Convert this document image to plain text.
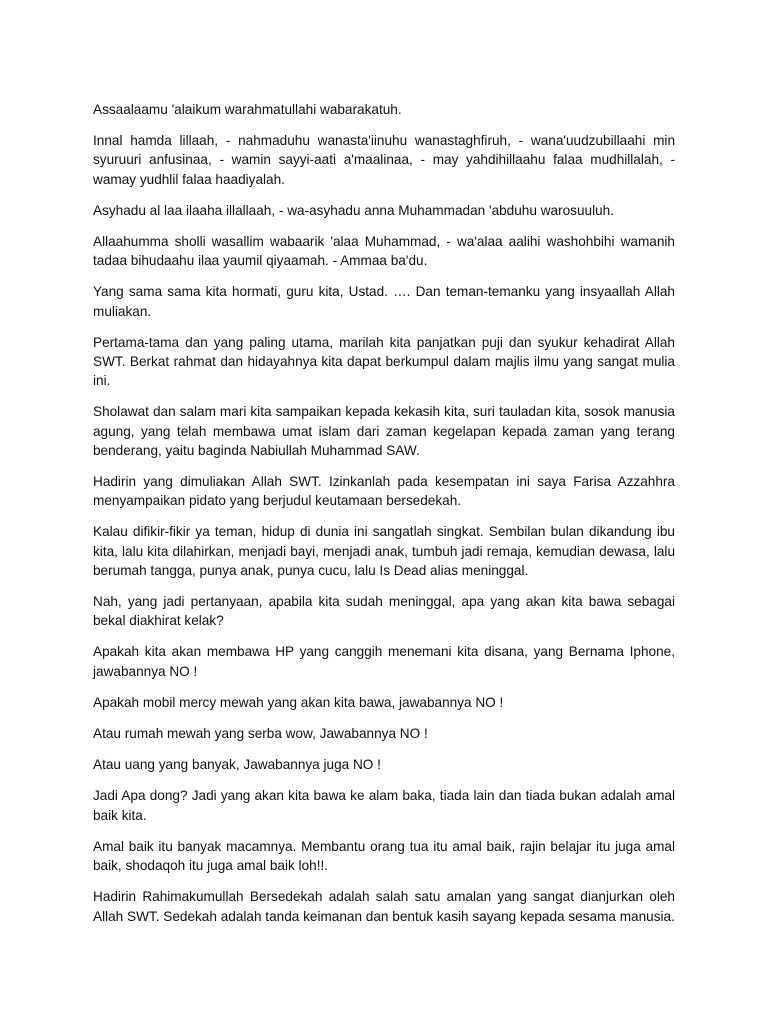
Assaalaamu 'alaikum warahmatullahi wabarakatuh.

Innal hamda lillaah, - nahmaduhu wanasta'iinuhu wanastaghfiruh, - wana'uudzubillaahi min syuruuri anfusinaa, - wamin sayyi-aati a'maalinaa, - may yahdihillaahu falaa mudhillalah, - wamay yudhlil falaa haadiyalah.

Asyhadu al laa ilaaha illallaah, - wa-asyhadu anna Muhammadan 'abduhu warosuuluh.

Allaahumma sholli wasallim wabaarik 'alaa Muhammad, - wa'alaa aalihi washohbihi wamanih tadaa bihudaahu ilaa yaumil qiyaamah. - Ammaa ba'du.

Yang sama sama kita hormati, guru kita, Ustad. …. Dan teman-temanku yang insyaallah Allah muliakan.

Pertama-tama dan yang paling utama, marilah kita panjatkan puji dan syukur kehadirat Allah SWT. Berkat rahmat dan hidayahnya kita dapat berkumpul dalam majlis ilmu yang sangat mulia ini.

Sholawat dan salam mari kita sampaikan kepada kekasih kita, suri tauladan kita, sosok manusia agung, yang telah membawa umat islam dari zaman kegelapan kepada zaman yang terang benderang, yaitu baginda Nabiullah Muhammad SAW.

Hadirin yang dimuliakan Allah SWT. Izinkanlah pada kesempatan ini saya Farisa Azzahhra menyampaikan pidato yang berjudul keutamaan bersedekah.

Kalau difikir-fikir ya teman, hidup di dunia ini sangatlah singkat. Sembilan bulan dikandung ibu kita, lalu kita dilahirkan, menjadi bayi, menjadi anak, tumbuh jadi remaja, kemudian dewasa, lalu berumah tangga, punya anak, punya cucu, lalu Is Dead alias meninggal.

Nah, yang jadi pertanyaan, apabila kita sudah meninggal, apa yang akan kita bawa sebagai bekal diakhirat kelak?

Apakah kita akan membawa HP yang canggih menemani kita disana, yang Bernama Iphone, jawabannya NO !

Apakah mobil mercy mewah yang akan kita bawa, jawabannya NO !

Atau rumah mewah yang serba wow, Jawabannya NO !

Atau uang yang banyak, Jawabannya juga NO !

Jadi Apa dong? Jadi yang akan kita bawa ke alam baka, tiada lain dan tiada bukan adalah amal baik kita.

Amal baik itu banyak macamnya. Membantu orang tua itu amal baik, rajin belajar itu juga amal baik, shodaqoh itu juga amal baik loh!!.

Hadirin Rahimakumullah Bersedekah adalah salah satu amalan yang sangat dianjurkan oleh Allah SWT. Sedekah adalah tanda keimanan dan bentuk kasih sayang kepada sesama manusia.
